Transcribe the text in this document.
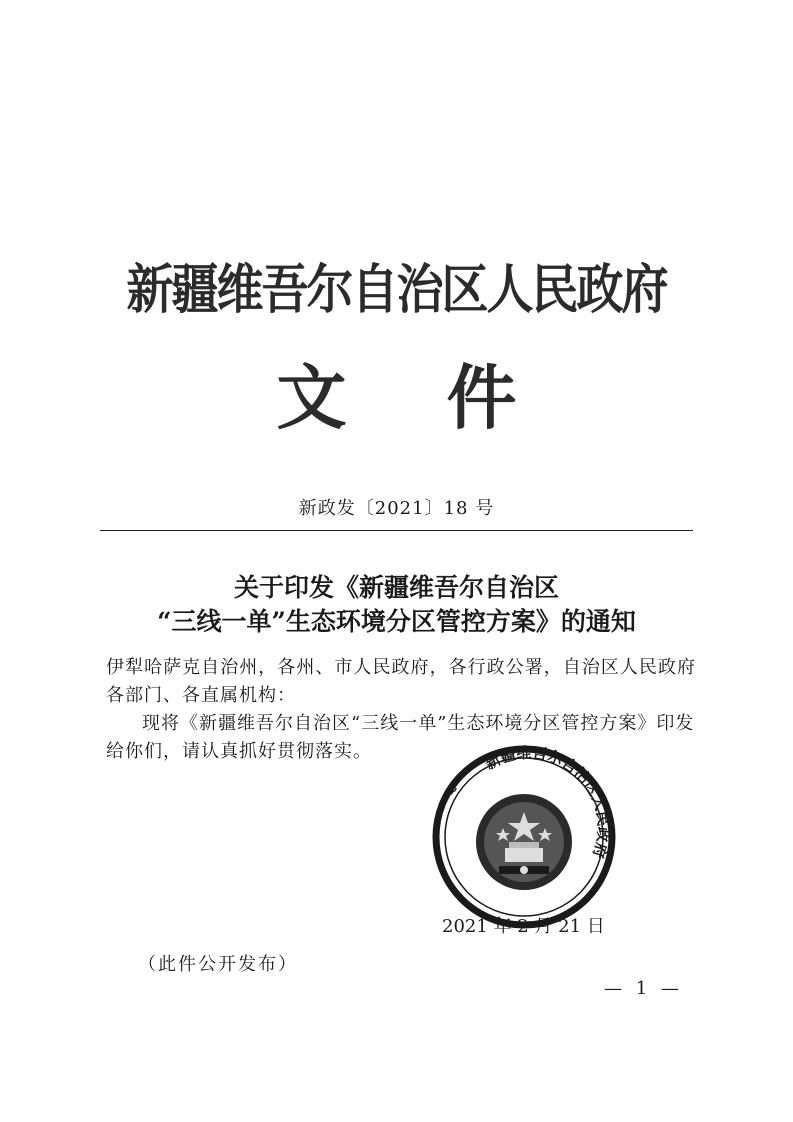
新疆维吾尔自治区人民政府
文件
新政发〔2021〕18 号
关于印发《新疆维吾尔自治区
“三线一单”生态环境分区管控方案》的通知
伊犁哈萨克自治州，各州、市人民政府，各行政公署，自治区人民政府各部门、各直属机构：
现将《新疆维吾尔自治区“三线一单”生态环境分区管控方案》印发给你们，请认真抓好贯彻落实。	新疆维吾尔自治区人民政府
~ ~ ~ ~ ~
2021 年 2 月 21 日
（此件公开发布）
— 1 —
